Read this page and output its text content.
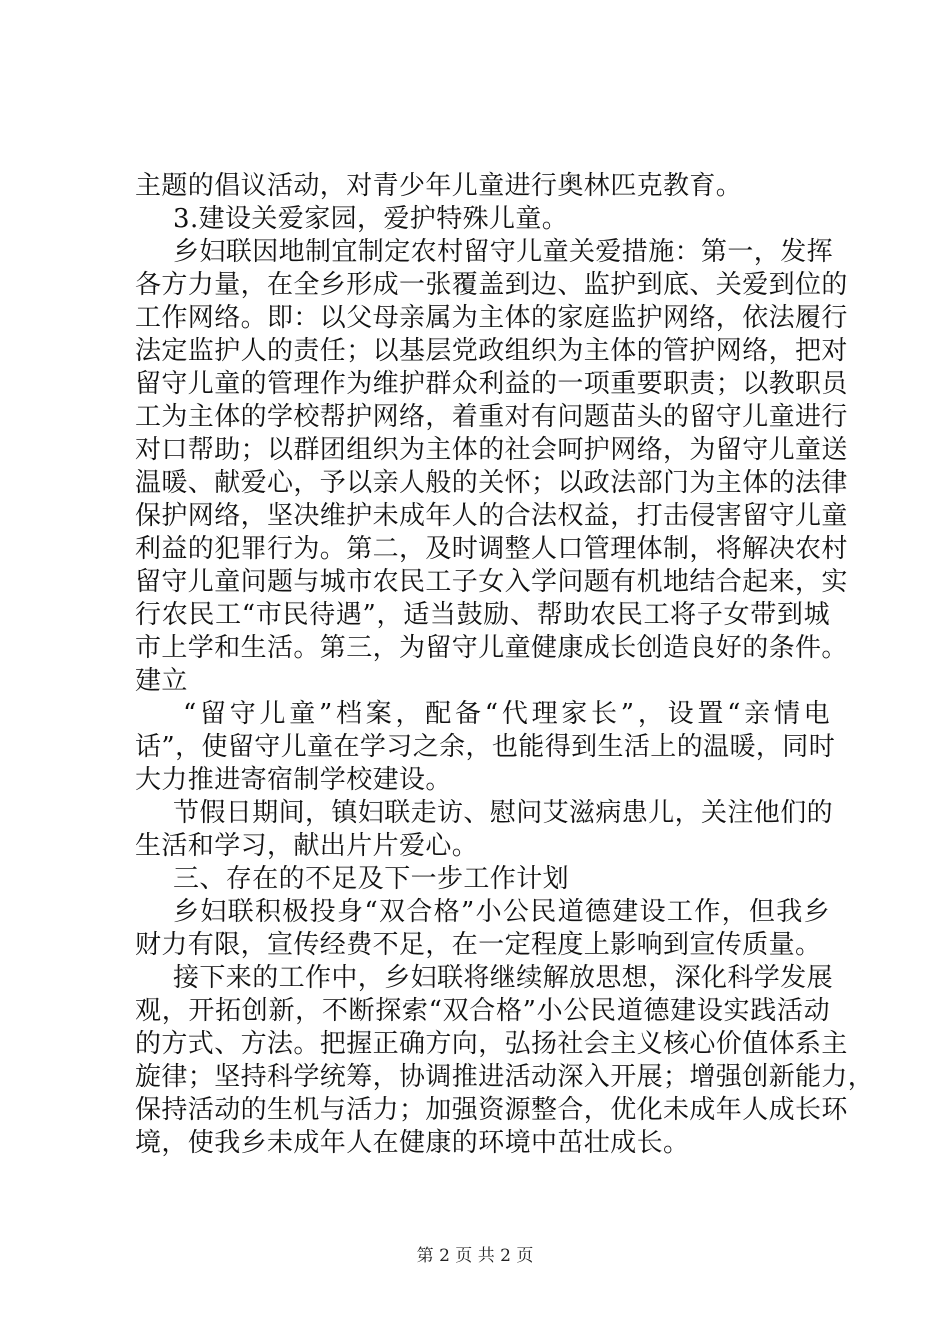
主题的倡议活动，对青少年儿童进行奥林匹克教育。
3.建设关爱家园，爱护特殊儿童。
乡妇联因地制宜制定农村留守儿童关爱措施：第一，发挥
各方力量，在全乡形成一张覆盖到边、监护到底、关爱到位的
工作网络。即：以父母亲属为主体的家庭监护网络，依法履行
法定监护人的责任；以基层党政组织为主体的管护网络，把对
留守儿童的管理作为维护群众利益的一项重要职责；以教职员
工为主体的学校帮护网络，着重对有问题苗头的留守儿童进行
对口帮助；以群团组织为主体的社会呵护网络，为留守儿童送
温暖、献爱心，予以亲人般的关怀；以政法部门为主体的法律
保护网络，坚决维护未成年人的合法权益，打击侵害留守儿童
利益的犯罪行为。第二，及时调整人口管理体制，将解决农村
留守儿童问题与城市农民工子女入学问题有机地结合起来，实
行农民工“市民待遇”，适当鼓励、帮助农民工将子女带到城
市上学和生活。第三，为留守儿童健康成长创造良好的条件。
建立
“留守儿童”档案，配备“代理家长”，设置“亲情电
话”，使留守儿童在学习之余，也能得到生活上的温暖，同时
大力推进寄宿制学校建设。
节假日期间，镇妇联走访、慰问艾滋病患儿，关注他们的
生活和学习，献出片片爱心。
三、存在的不足及下一步工作计划
乡妇联积极投身“双合格”小公民道德建设工作，但我乡
财力有限，宣传经费不足，在一定程度上影响到宣传质量。
接下来的工作中，乡妇联将继续解放思想，深化科学发展
观，开拓创新，不断探索“双合格”小公民道德建设实践活动
的方式、方法。把握正确方向，弘扬社会主义核心价值体系主
旋律；坚持科学统筹，协调推进活动深入开展；增强创新能力，
保持活动的生机与活力；加强资源整合，优化未成年人成长环
境，使我乡未成年人在健康的环境中茁壮成长。
第 2 页 共 2 页
